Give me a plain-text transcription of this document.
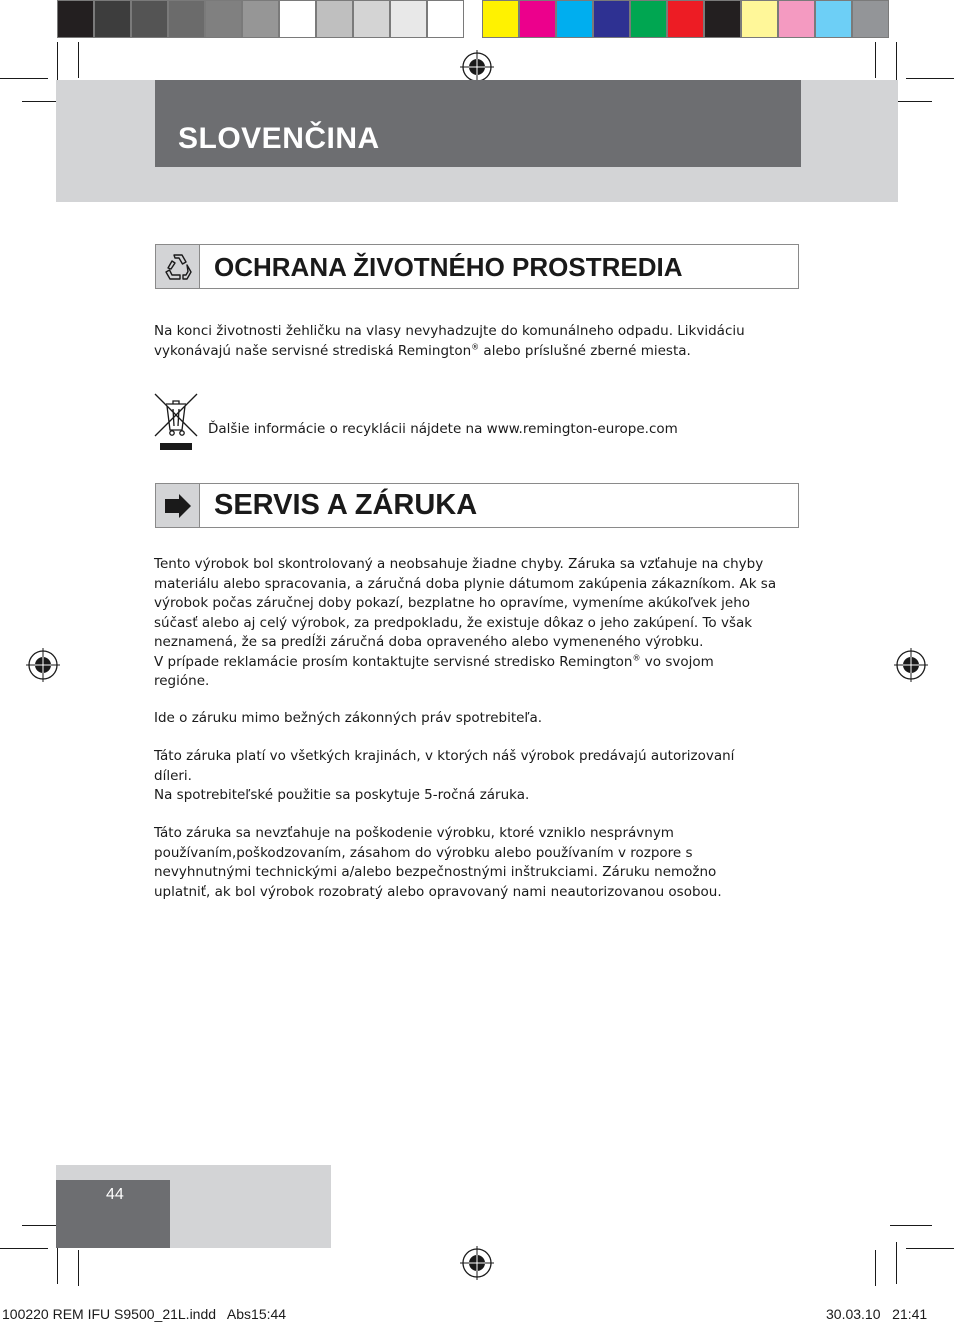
SLOVENČINA
OCHRANA ŽIVOTNÉHO PROSTREDIA
Na konci životnosti žehličku na vlasy nevyhadzujte do komunálneho odpadu. Likvidáciu
vykonávajú naše servisné strediská Remington® alebo príslušné zberné miesta.
Ďalšie informácie o recyklácii nájdete na www.remington-europe.com
SERVIS A ZÁRUKA
Tento výrobok bol skontrolovaný a neobsahuje žiadne chyby. Záruka sa vzťahuje na chyby
materiálu alebo spracovania, a záručná doba plynie dátumom zakúpenia zákazníkom. Ak sa
výrobok počas záručnej doby pokazí, bezplatne ho opravíme, vymeníme akúkoľvek jeho
súčasť alebo aj celý výrobok, za predpokladu, že existuje dôkaz o jeho zakúpení. To však
neznamená, že sa predĺži záručná doba opraveného alebo vymeneného výrobku.
V prípade reklamácie prosím kontaktujte servisné stredisko Remington® vo svojom
regióne.
Ide o záruku mimo bežných zákonných práv spotrebiteľa.
Táto záruka platí vo všetkých krajinách, v ktorých náš výrobok predávajú autorizovaní
díleri.
Na spotrebiteľské použitie sa poskytuje 5-ročná záruka.
Táto záruka sa nevzťahuje na poškodenie výrobku, ktoré vzniklo nesprávnym
používaním,poškodzovaním, zásahom do výrobku alebo používaním v rozpore s
nevyhnutnými technickými a/alebo bezpečnostnými inštrukciami. Záruku nemožno
uplatniť, ak bol výrobok rozobratý alebo opravovaný nami neautorizovanou osobou.
44
100220 REM IFU S9500_21L.indd   Abs15:44	30.03.10   21:41
